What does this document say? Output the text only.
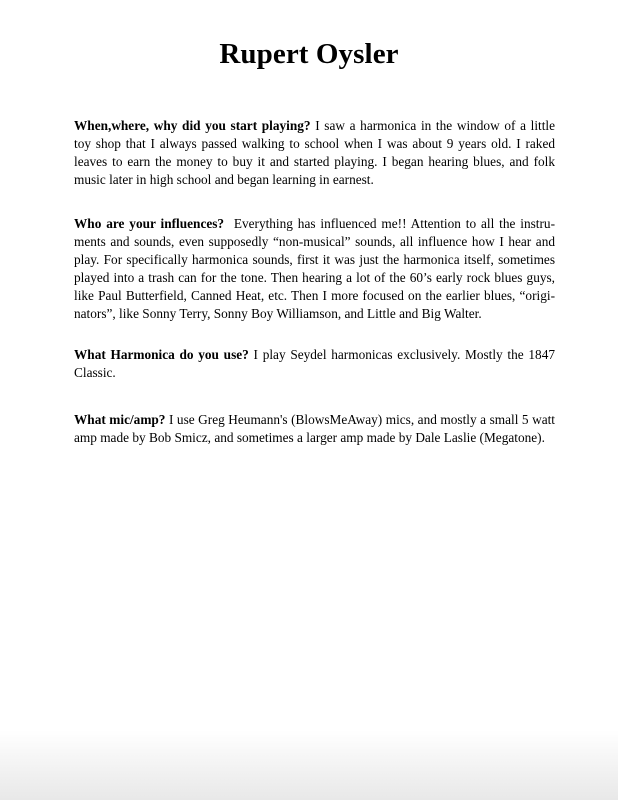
Rupert Oysler

When,where, why did you start playing? I saw a harmonica in the window of a little toy shop that I always passed walking to school when I was about 9 years old. I raked leaves to earn the money to buy it and started playing. I began hearing blues, and folk music later in high school and began learning in earnest.

Who are your influences? Everything has influenced me!! Attention to all the instruments and sounds, even supposedly “non-musical” sounds, all influence how I hear and play. For specifically harmonica sounds, first it was just the harmonica itself, sometimes played into a trash can for the tone. Then hearing a lot of the 60’s early rock blues guys, like Paul Butterfield, Canned Heat, etc. Then I more focused on the earlier blues, “originators”, like Sonny Terry, Sonny Boy Williamson, and Little and Big Walter.

What Harmonica do you use? I play Seydel harmonicas exclusively. Mostly the 1847 Classic.

What mic/amp? I use Greg Heumann's (BlowsMeAway) mics, and mostly a small 5 watt amp made by Bob Smicz, and sometimes a larger amp made by Dale Laslie (Megatone).
